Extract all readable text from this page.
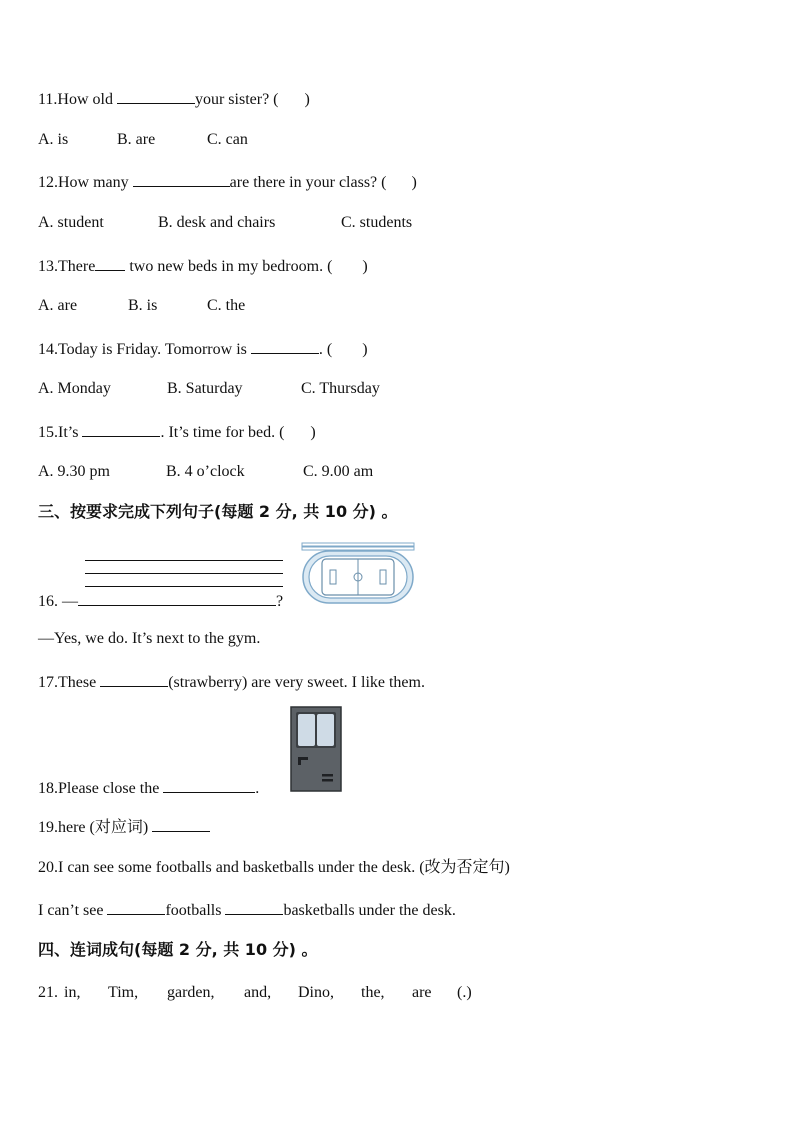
11.How old	your sister? ( )
A. is	B. are	C. can
12.How many	are there in your class? ( )
A. student	B. desk and chairs	C. students
13.There two new beds in my bedroom. ( )
A. are	B. is	C. the
14.Today is Friday. Tomorrow is	. ( )
A. Monday	B. Saturday	C. Thursday
15.It’s	. It’s time for bed. ( )
A. 9.30 pm	B. 4 o’clock	C. 9.00 am
三、按要求完成下列句子(每题 2 分, 共 10 分) 。
16. —	?
—Yes, we do. It’s next to the gym.
17.These	(strawberry) are very sweet. I like them.
18.Please close the	.
19.here (对应词)
20.I can see some footballs and basketballs under the desk. (改为否定句)
I can’t see	footballs	basketballs under the desk.
四、连词成句(每题 2 分, 共 10 分) 。
21. in, Tim, garden, and, Dino, the, are (.)
